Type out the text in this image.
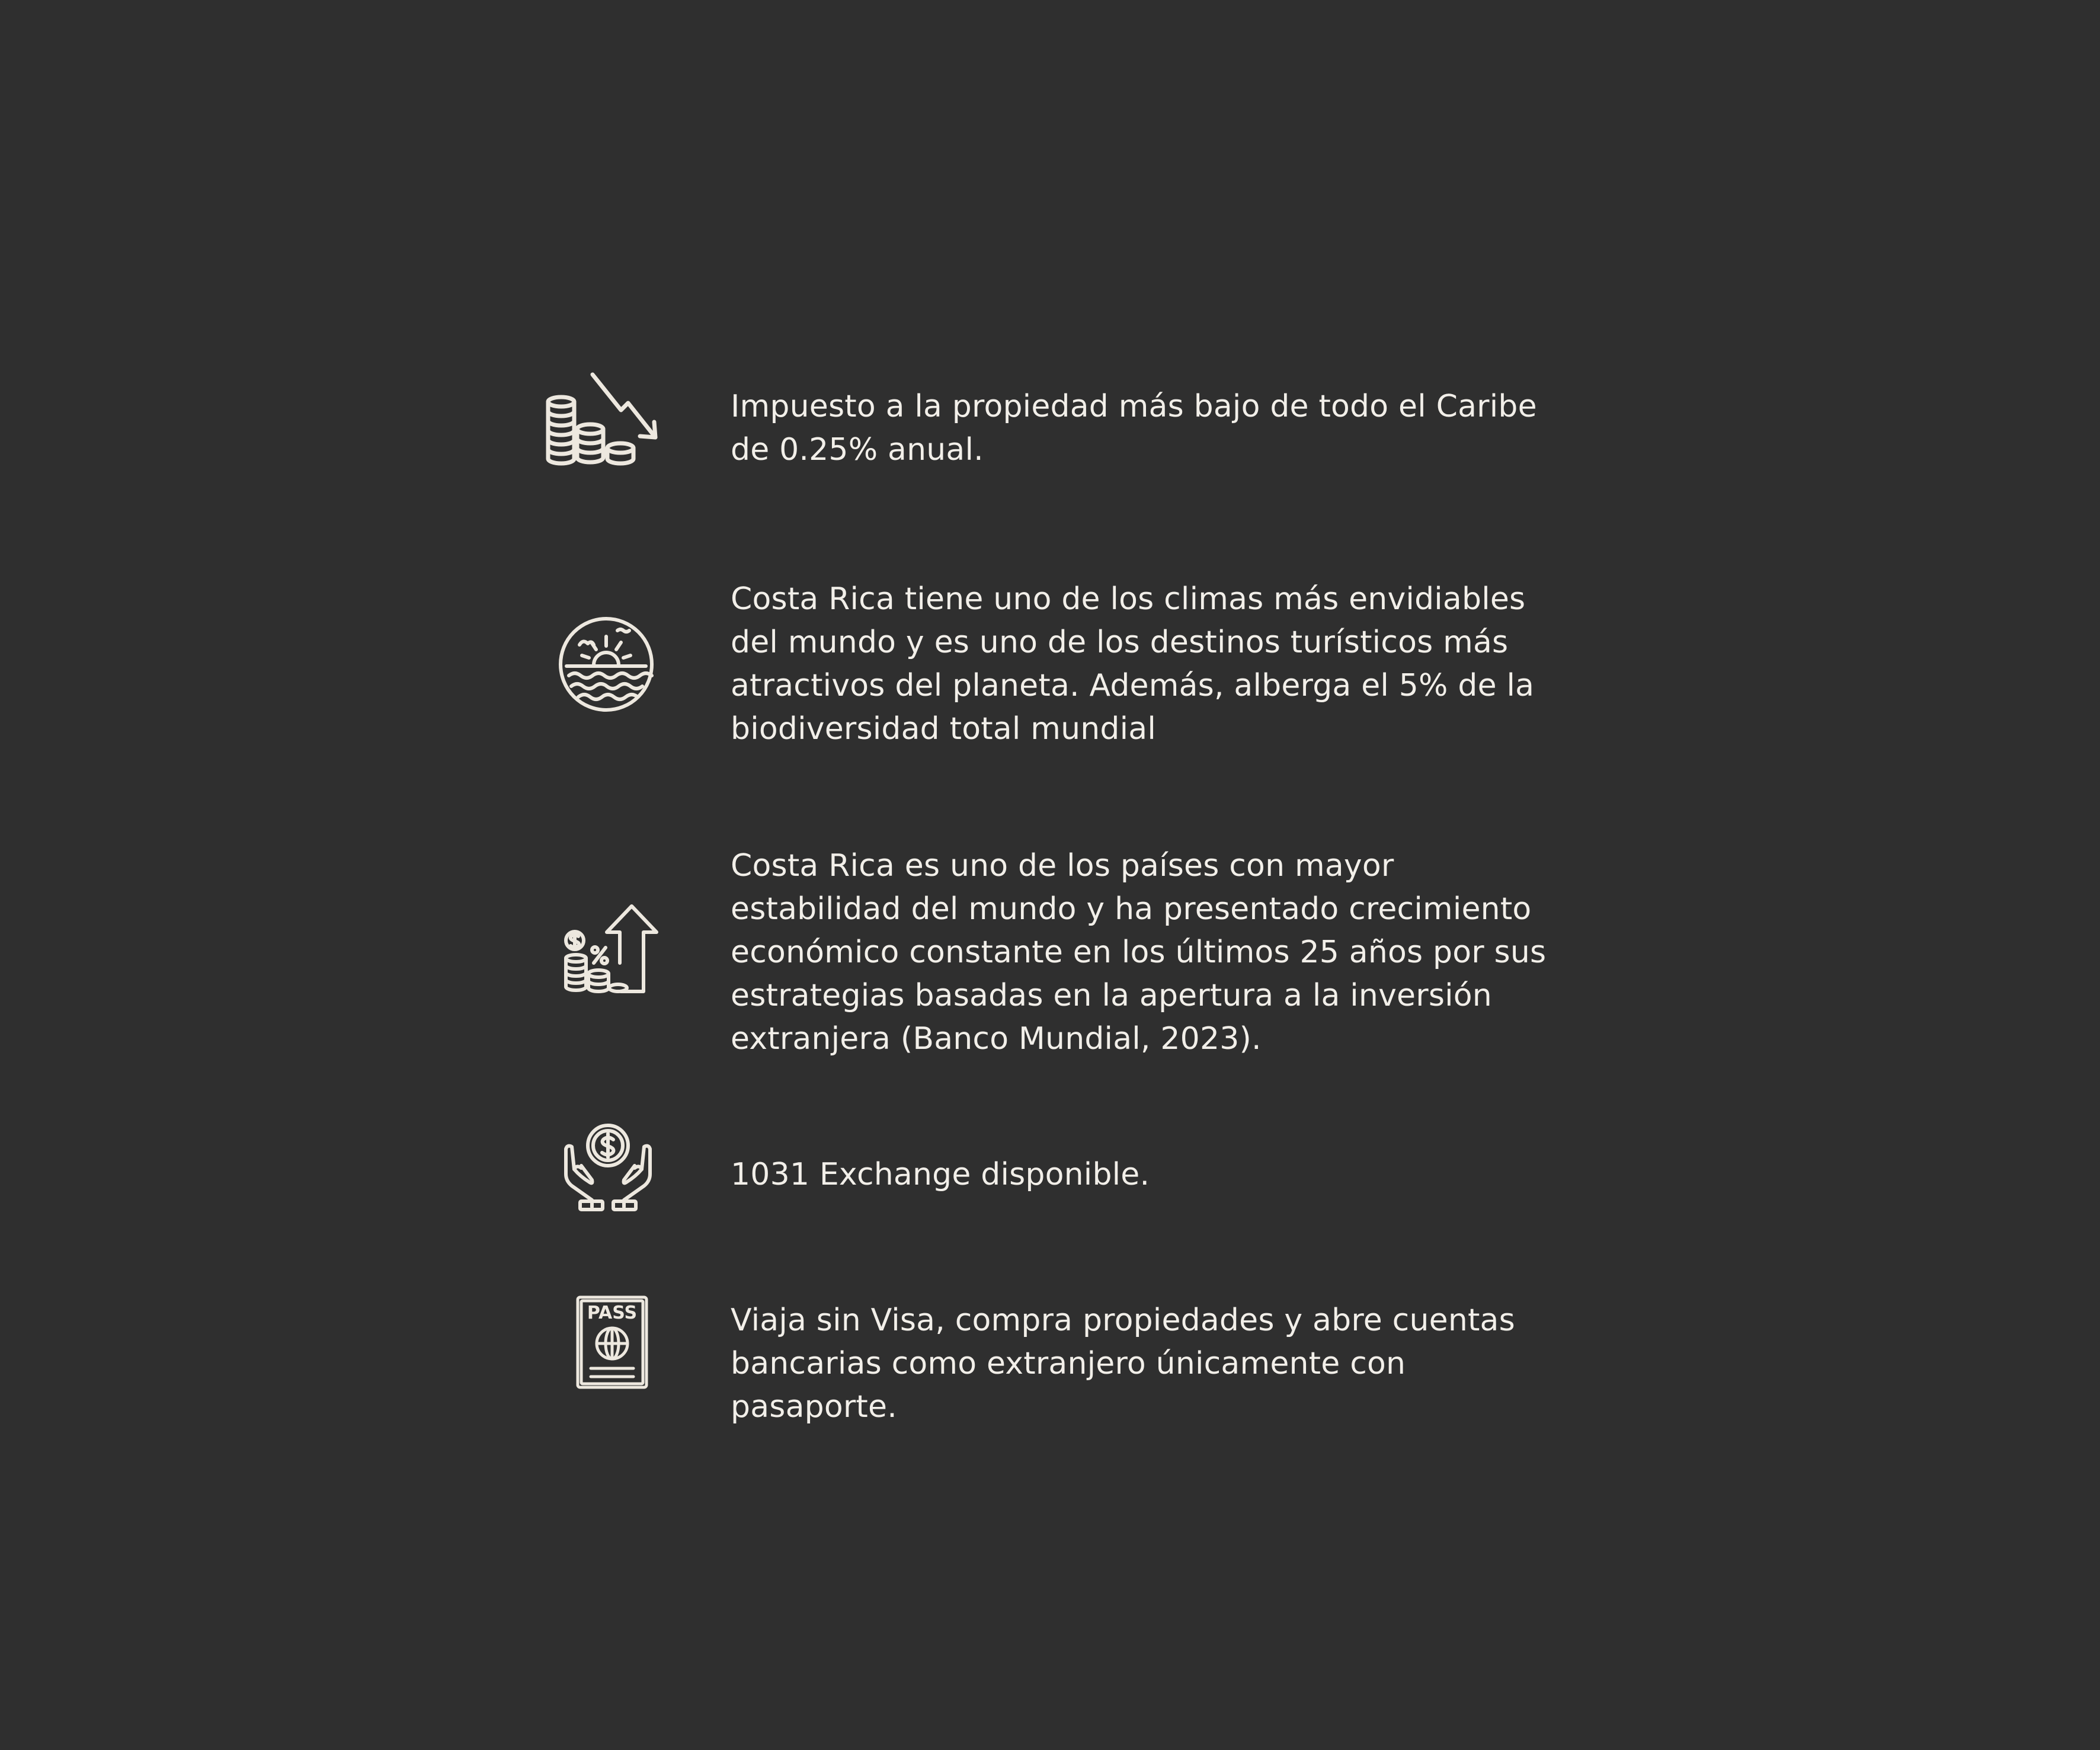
Impuesto a la propiedad más bajo de todo el Caribe de 0.25% anual.

Costa Rica tiene uno de los climas más envidiables del mundo y es uno de los destinos turísticos más atractivos del planeta. Además, alberga el 5% de la biodiversidad total mundial

Costa Rica es uno de los países con mayor estabilidad del mundo y ha presentado crecimiento económico constante en los últimos 25 años por sus estrategias basadas en la apertura a la inversión extranjera (Banco Mundial, 2023).

1031 Exchange disponible.

PASS	Viaja sin Visa, compra propiedades y abre cuentas bancarias como extranjero únicamente con pasaporte.
